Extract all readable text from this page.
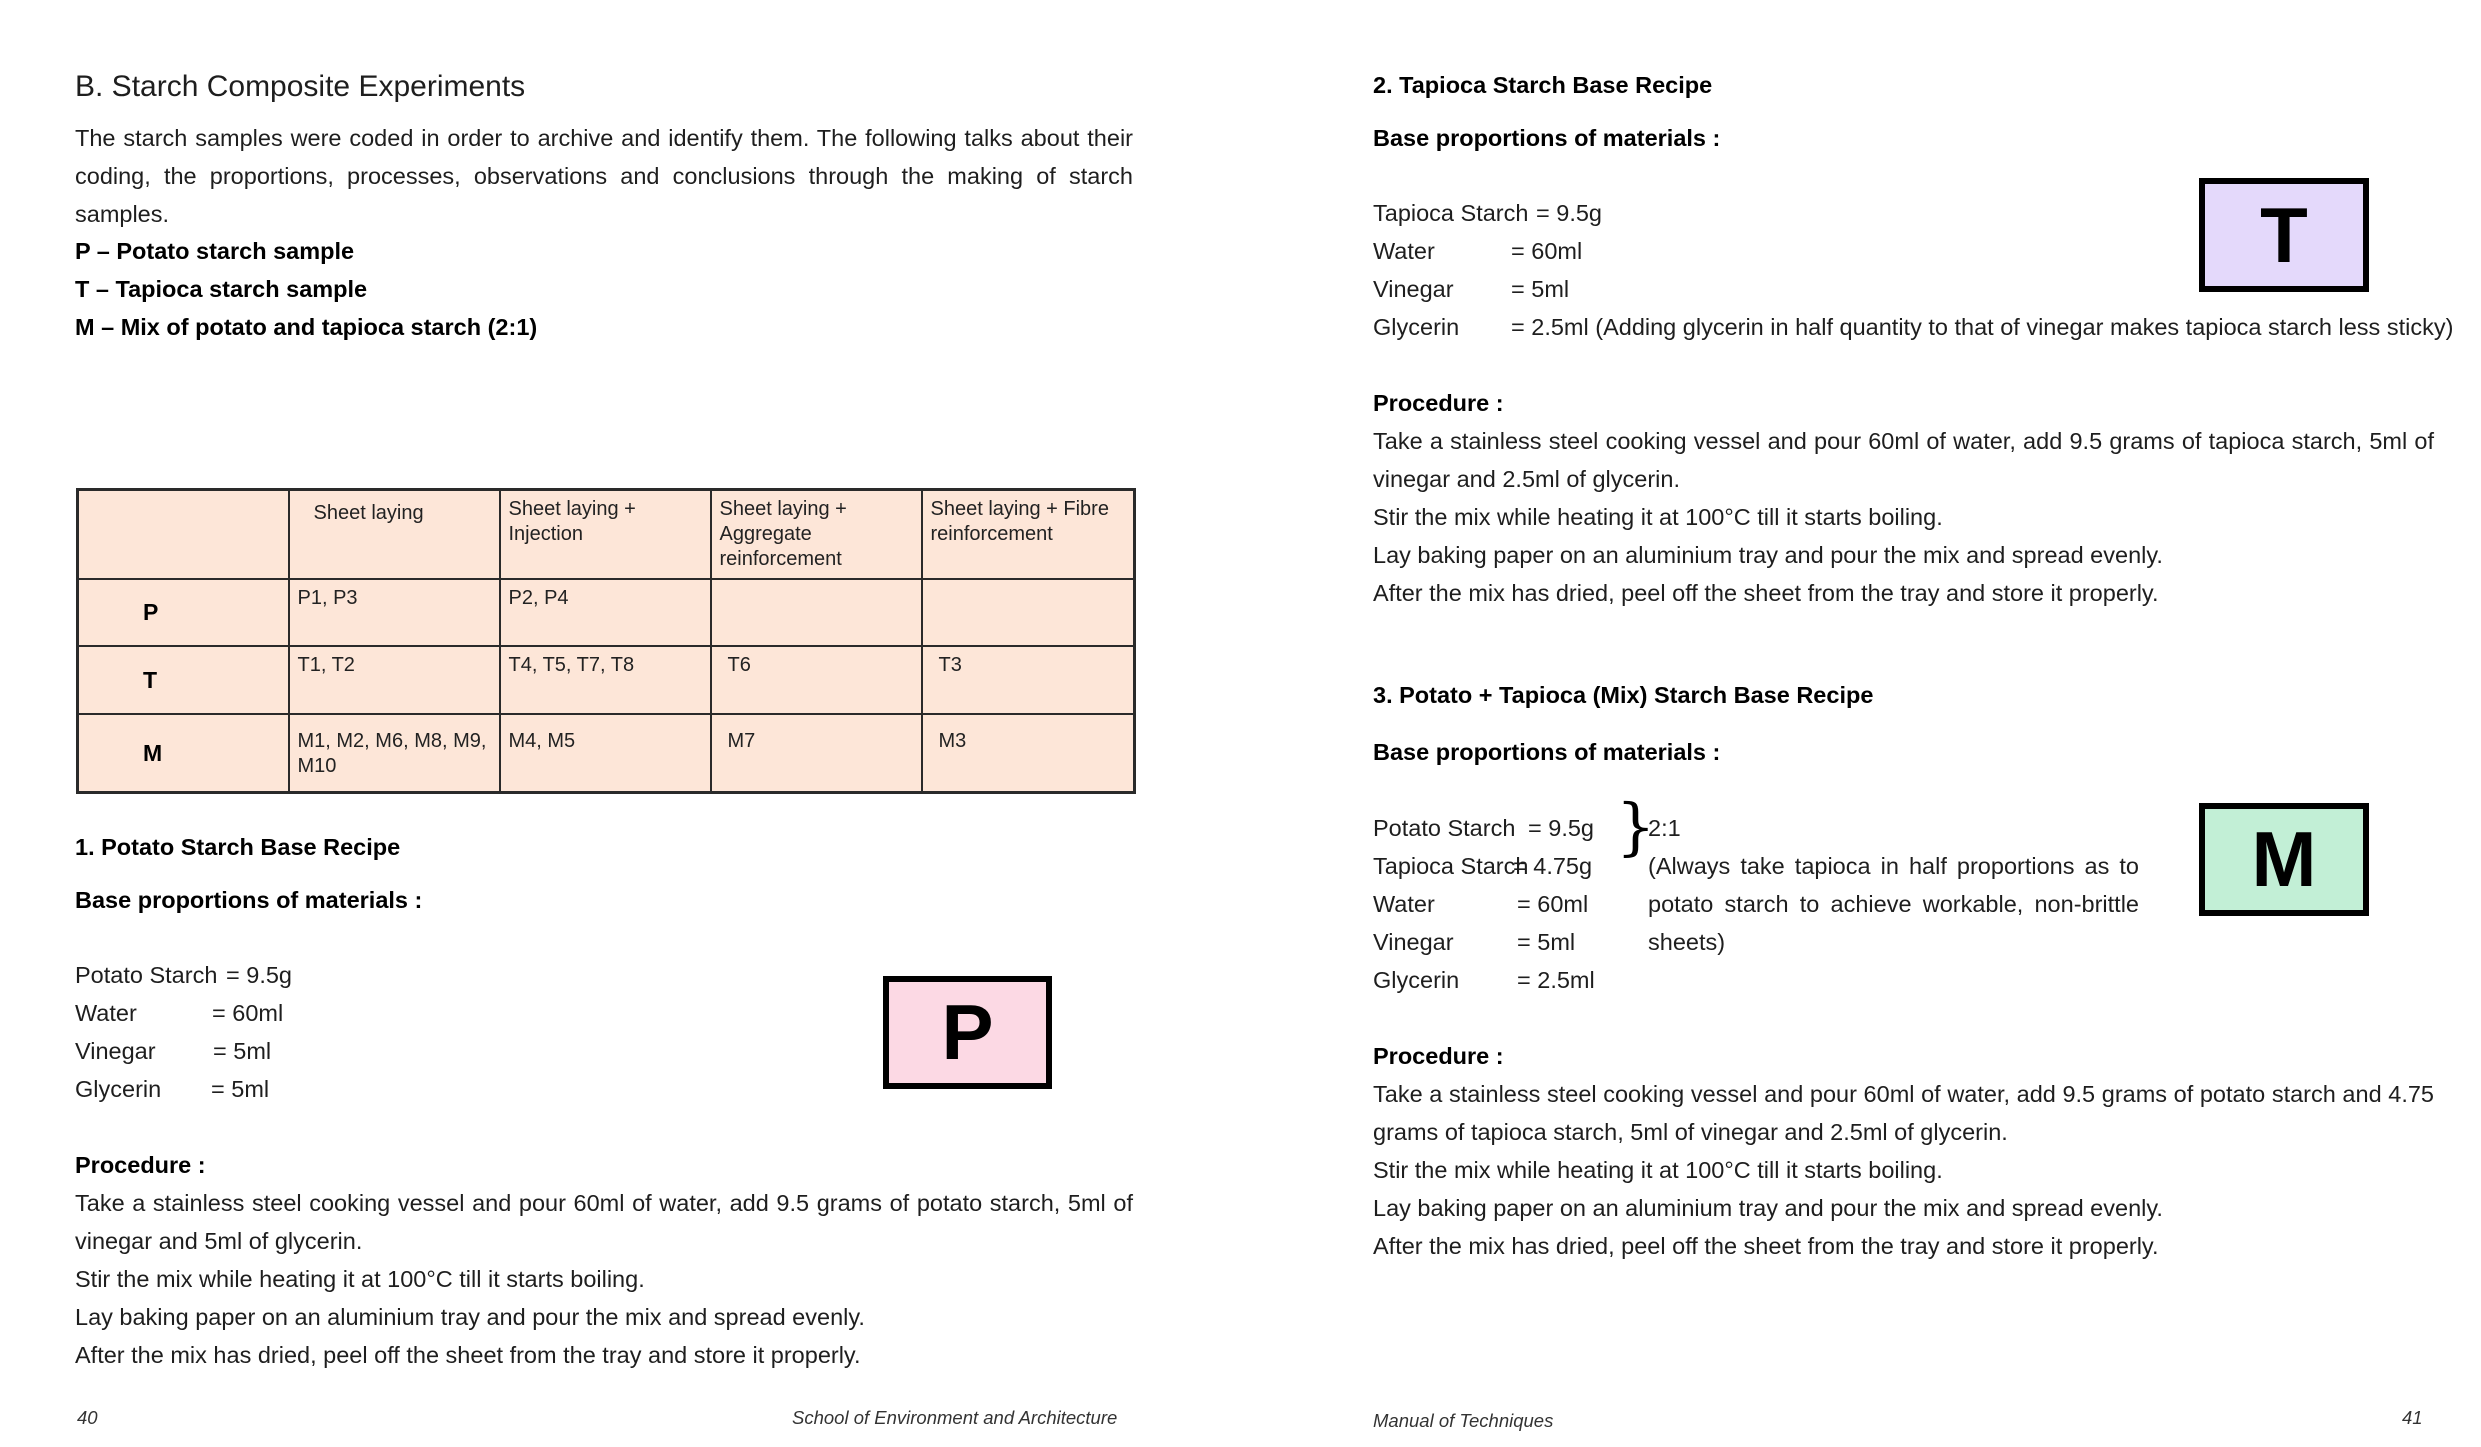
B. Starch Composite Experiments
The starch samples were coded in order to archive and identify them. The following talks about their coding, the proportions, processes, observations and conclusions through the making of starch samples.
P – Potato starch sample
T – Tapioca starch sample
M – Mix of potato and tapioca starch (2:1)
	Sheet laying	Sheet laying + Injection	Sheet laying + Aggregate reinforcement	Sheet laying + Fibre reinforcement
P	P1, P3	P2, P4		
T	T1, T2	T4, T5, T7, T8	T6	T3
M	M1, M2, M6, M8, M9, M10	M4, M5	M7	M3
1. Potato Starch Base Recipe
Base proportions of materials :
Potato Starch = 9.5g
Water	= 60ml
Vinegar = 5ml
Glycerin = 5ml
P
Procedure :
Take a stainless steel cooking vessel and pour 60ml of water, add 9.5 grams of potato starch, 5ml of vinegar and 5ml of glycerin.
Stir the mix while heating it at 100°C till it starts boiling.
Lay baking paper on an aluminium tray and pour the mix and spread evenly.
After the mix has dried, peel off the sheet from the tray and store it properly.
40	School of Environment and Architecture
2. Tapioca Starch Base Recipe
Base proportions of materials :
Tapioca Starch = 9.5g
Water	= 60ml
Vinegar = 5ml
Glycerin = 2.5ml (Adding glycerin in half quantity to that of vinegar makes tapioca starch less sticky)
T
Procedure :
Take a stainless steel cooking vessel and pour 60ml of water, add 9.5 grams of tapioca starch, 5ml of vinegar and 2.5ml of glycerin.
Stir the mix while heating it at 100°C till it starts boiling.
Lay baking paper on an aluminium tray and pour the mix and spread evenly.
After the mix has dried, peel off the sheet from the tray and store it properly.
3. Potato + Tapioca (Mix) Starch Base Recipe
Base proportions of materials :
Potato Starch = 9.5g
Tapioca Starch
= 4.75g
Water	= 60ml
Vinegar	= 5ml
Glycerin = 2.5ml
}
2:1
(Always take tapioca in half proportions as to potato starch to achieve workable, non-brittle sheets)
M
Procedure :
Take a stainless steel cooking vessel and pour 60ml of water, add 9.5 grams of potato starch and 4.75 grams of tapioca starch, 5ml of vinegar and 2.5ml of glycerin.
Stir the mix while heating it at 100°C till it starts boiling.
Lay baking paper on an aluminium tray and pour the mix and spread evenly.
After the mix has dried, peel off the sheet from the tray and store it properly.
Manual of Techniques	41
